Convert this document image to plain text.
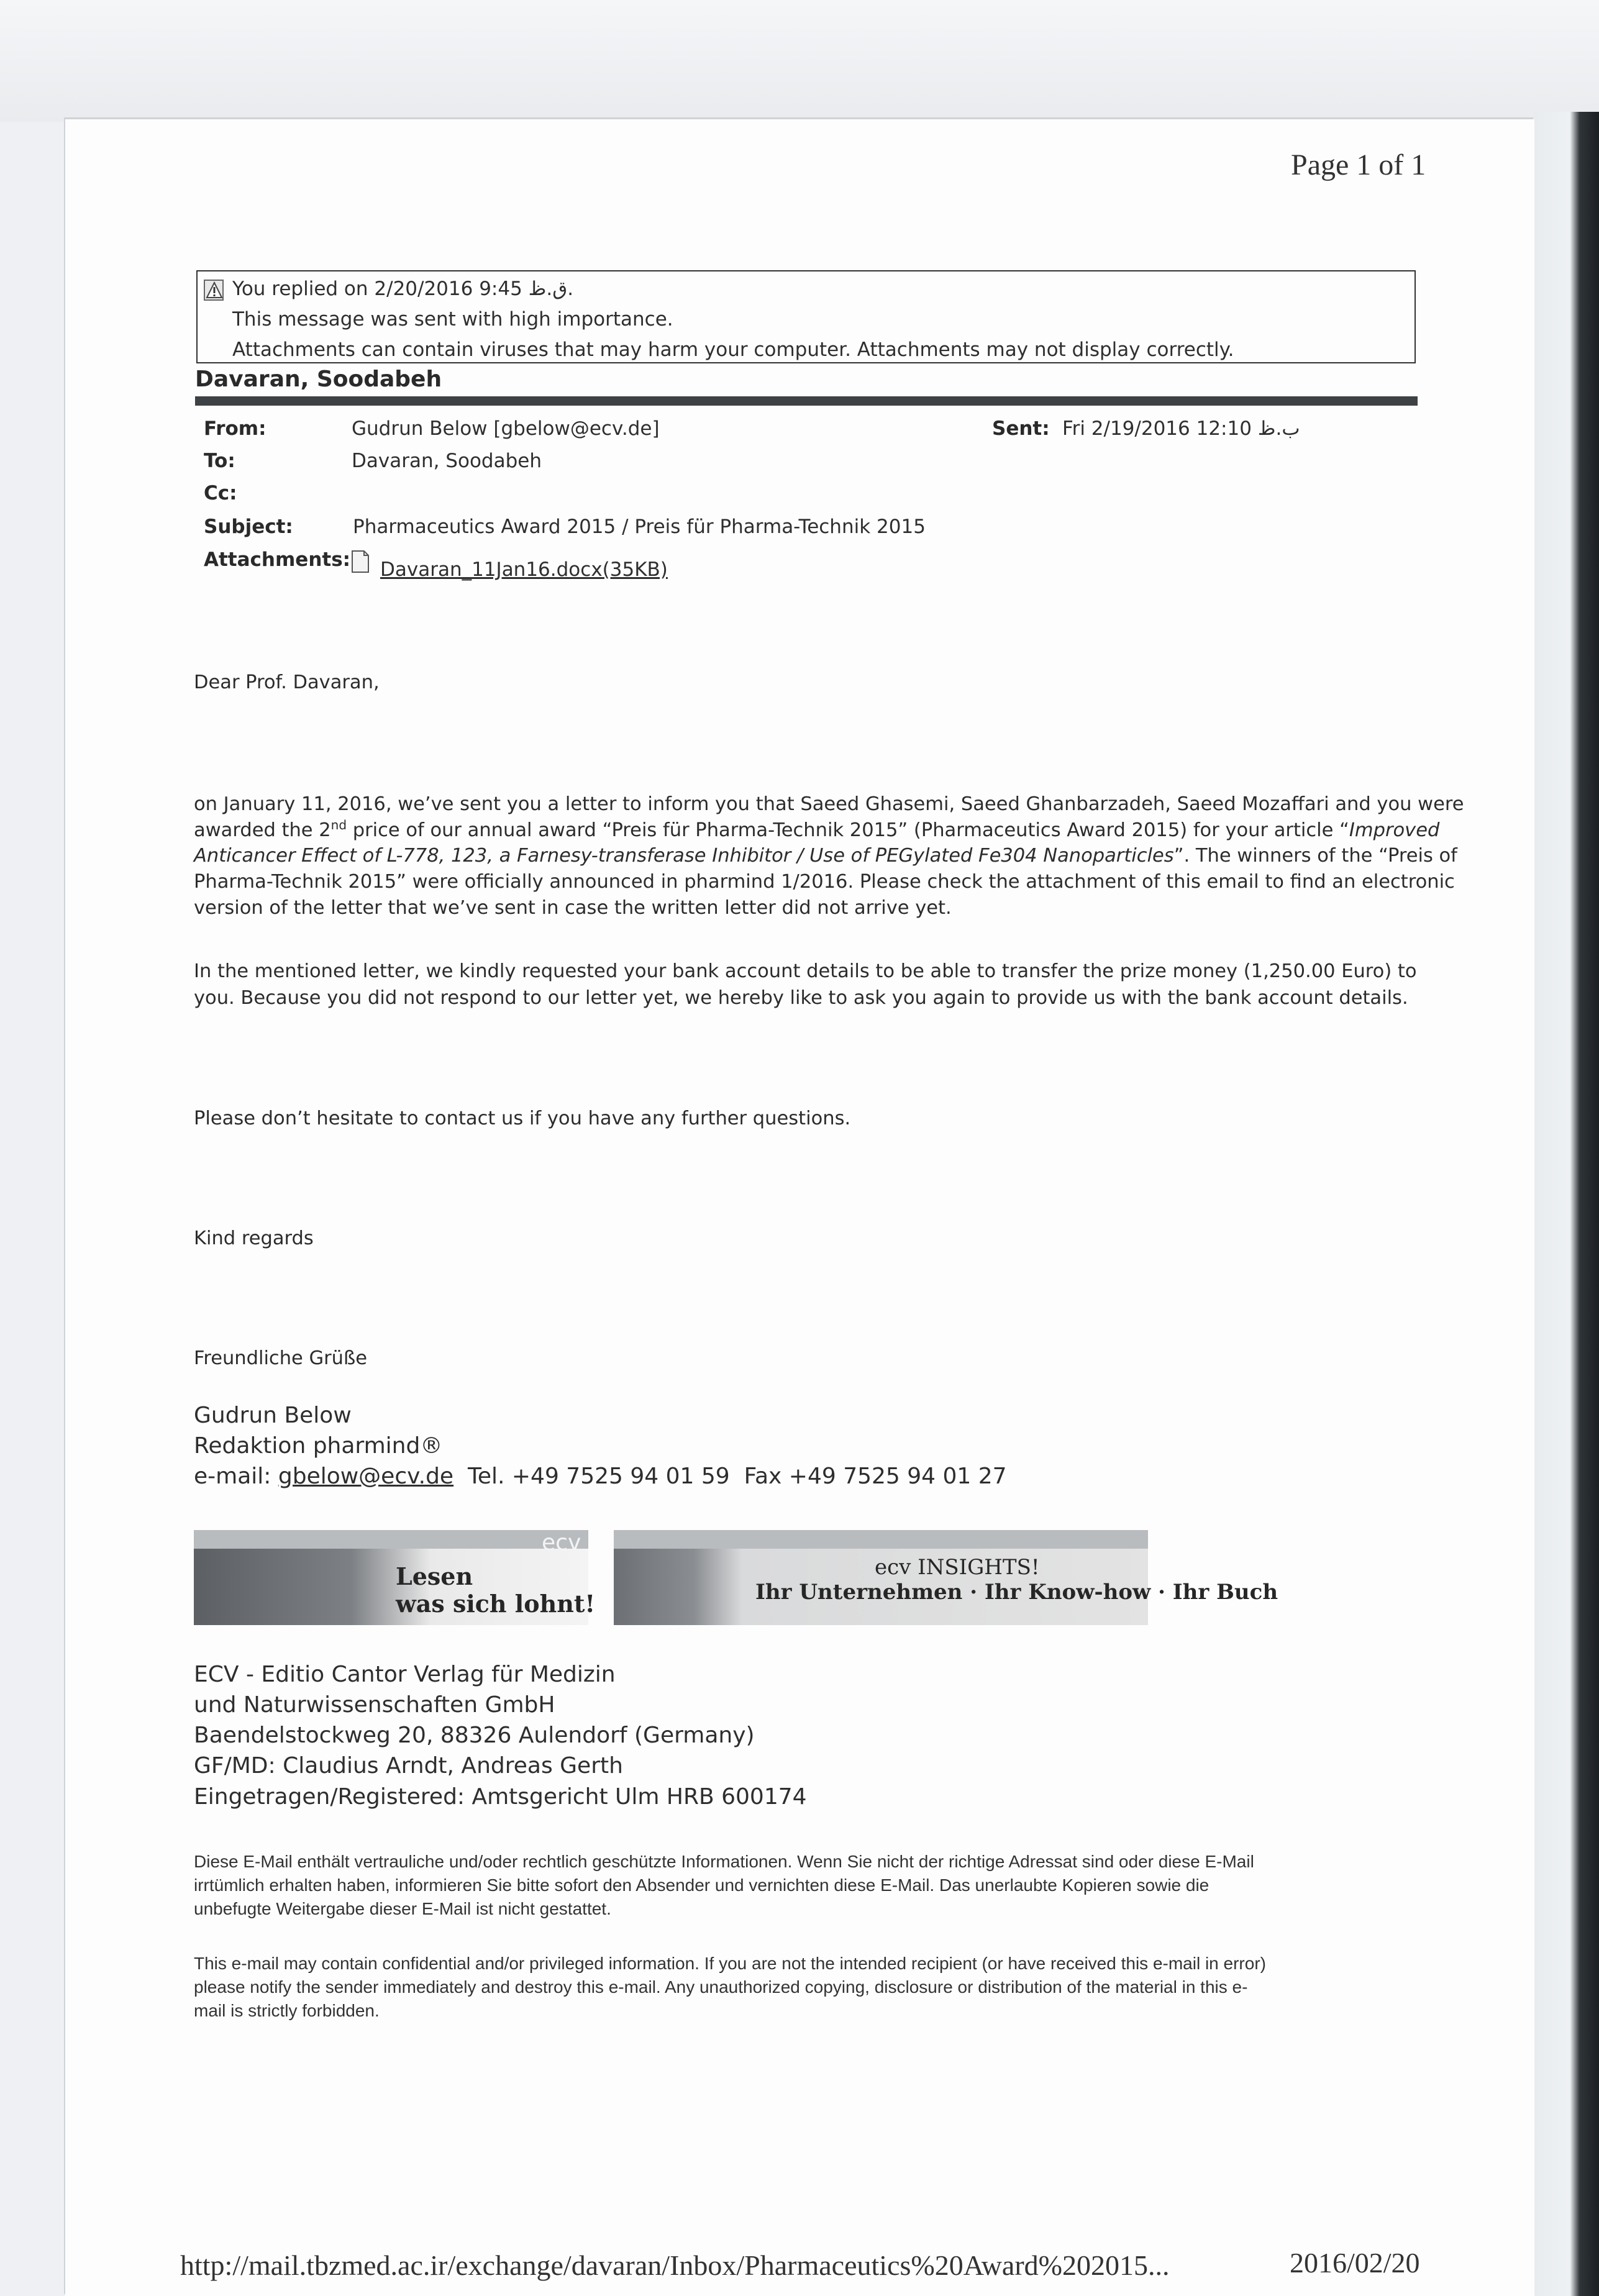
Page 1 of 1
You replied on 2/20/2016 9:45 ق.ظ.
This message was sent with high importance.
Attachments can contain viruses that may harm your computer. Attachments may not display correctly.
Davaran, Soodabeh
From:	Gudrun Below [gbelow@ecv.de]	Sent: Fri 2/19/2016 12:10 ب.ظ
To:	Davaran, Soodabeh
Cc:
Subject:	Pharmaceutics Award 2015 / Preis für Pharma-Technik 2015
Attachments: Davaran_11Jan16.docx(35KB)
Dear Prof. Davaran,
on January 11, 2016, we’ve sent you a letter to inform you that Saeed Ghasemi, Saeed Ghanbarzadeh, Saeed Mozaffari and you were
awarded the 2nd price of our annual award “Preis für Pharma-Technik 2015” (Pharmaceutics Award 2015) for your article “Improved
Anticancer Effect of L-778, 123, a Farnesy-transferase Inhibitor / Use of PEGylated Fe304 Nanoparticles”. The winners of the “Preis of
Pharma-Technik 2015” were officially announced in pharmind 1/2016. Please check the attachment of this email to find an electronic
version of the letter that we’ve sent in case the written letter did not arrive yet.
In the mentioned letter, we kindly requested your bank account details to be able to transfer the prize money (1,250.00 Euro) to
you. Because you did not respond to our letter yet, we hereby like to ask you again to provide us with the bank account details.
Please don’t hesitate to contact us if you have any further questions.
Kind regards
Freundliche Grüße
Gudrun Below
Redaktion pharmind®
e-mail: gbelow@ecv.de Tel. +49 7525 94 01 59 Fax +49 7525 94 01 27
ecv
Lesen
was sich lohnt!
ecv INSIGHTS!
Ihr Unternehmen · Ihr Know-how · Ihr Buch
ECV - Editio Cantor Verlag für Medizin
und Naturwissenschaften GmbH
Baendelstockweg 20, 88326 Aulendorf (Germany)
GF/MD: Claudius Arndt, Andreas Gerth
Eingetragen/Registered: Amtsgericht Ulm HRB 600174
Diese E-Mail enthält vertrauliche und/oder rechtlich geschützte Informationen. Wenn Sie nicht der richtige Adressat sind oder diese E-Mail
irrtümlich erhalten haben, informieren Sie bitte sofort den Absender und vernichten diese E-Mail. Das unerlaubte Kopieren sowie die
unbefugte Weitergabe dieser E-Mail ist nicht gestattet.
This e-mail may contain confidential and/or privileged information. If you are not the intended recipient (or have received this e-mail in error)
please notify the sender immediately and destroy this e-mail. Any unauthorized copying, disclosure or distribution of the material in this e-
mail is strictly forbidden.
http://mail.tbzmed.ac.ir/exchange/davaran/Inbox/Pharmaceutics%20Award%202015...	2016/02/20
